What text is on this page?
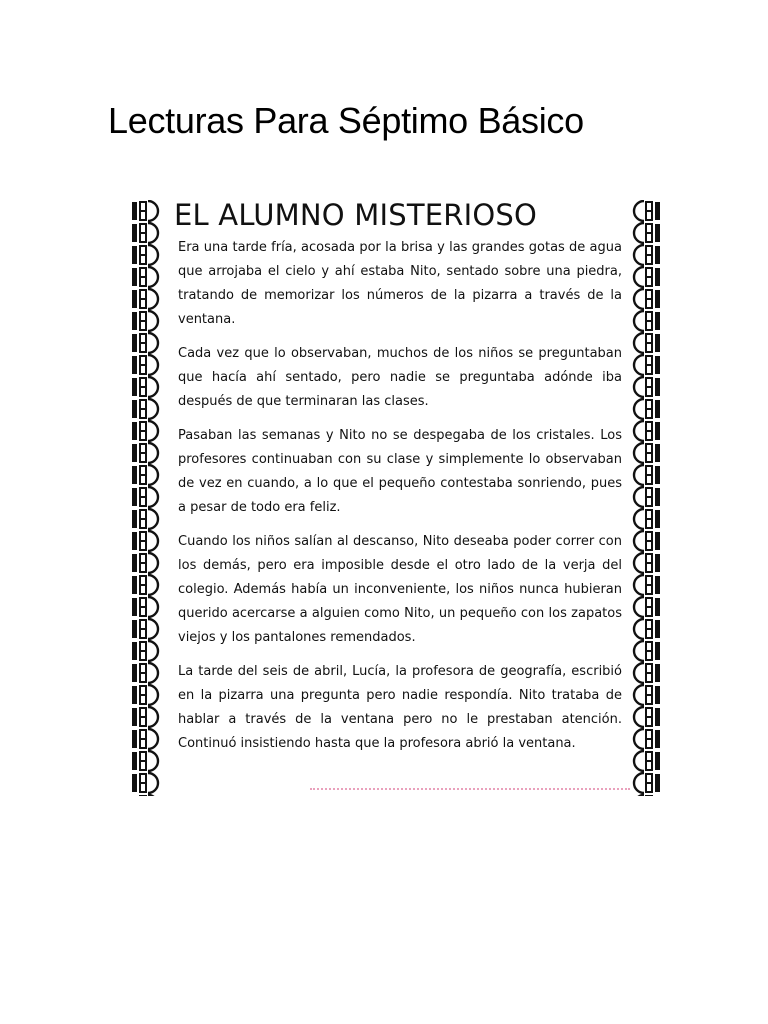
Lecturas Para Séptimo Básico
EL ALUMNO MISTERIOSO

Era una tarde fría, acosada por la brisa y las grandes gotas de agua que arrojaba el cielo y ahí estaba Nito, sentado sobre una piedra, tratando de memorizar los números de la pizarra a través de la ventana.

Cada vez que lo observaban, muchos de los niños se preguntaban que hacía ahí sentado, pero nadie se preguntaba adónde iba después de que terminaran las clases.

Pasaban las semanas y Nito no se despegaba de los cristales. Los profesores continuaban con su clase y simplemente lo observaban de vez en cuando, a lo que el pequeño contestaba sonriendo, pues a pesar de todo era feliz.

Cuando los niños salían al descanso, Nito deseaba poder correr con los demás, pero era imposible desde el otro lado de la verja del colegio. Además había un inconveniente, los niños nunca hubieran querido acercarse a alguien como Nito, un pequeño con los zapatos viejos y los pantalones remendados.

La tarde del seis de abril, Lucía, la profesora de geografía, escribió en la pizarra una pregunta pero nadie respondía. Nito trataba de hablar a través de la ventana pero no le prestaban atención. Continuó insistiendo hasta que la profesora abrió la ventana.
